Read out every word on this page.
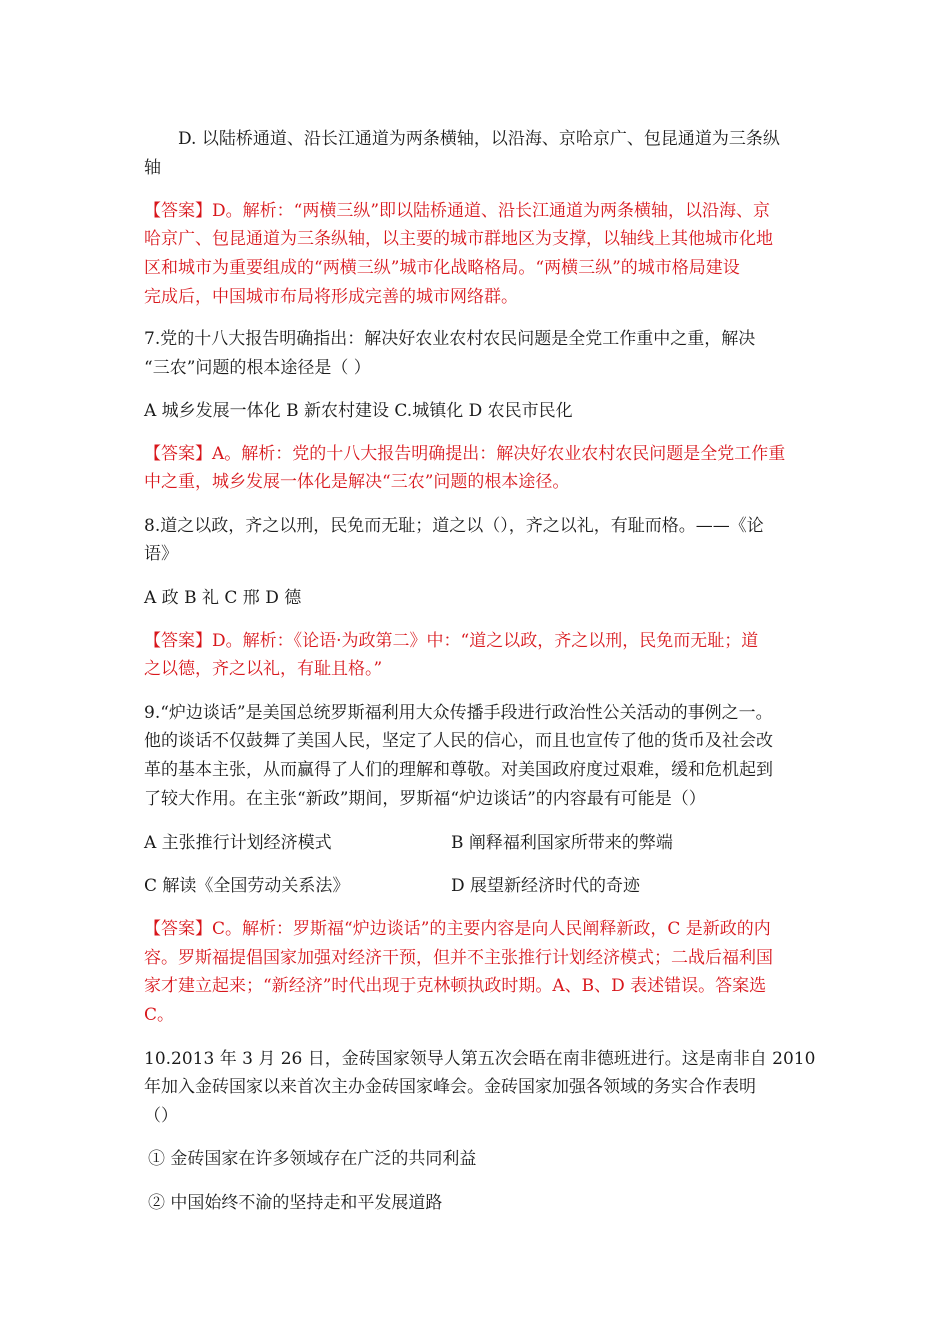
D. 以陆桥通道、沿长江通道为两条横轴，以沿海、京哈京广、包昆通道为三条纵
轴
【答案】D。解析：“两横三纵”即以陆桥通道、沿长江通道为两条横轴，以沿海、京
哈京广、包昆通道为三条纵轴，以主要的城市群地区为支撑，以轴线上其他城市化地
区和城市为重要组成的“两横三纵”城市化战略格局。“两横三纵”的城市格局建设
完成后，中国城市布局将形成完善的城市网络群。
7.党的十八大报告明确指出：解决好农业农村农民问题是全党工作重中之重，解决
“三农”问题的根本途径是（ ）
A 城乡发展一体化 B 新农村建设 C.城镇化 D 农民市民化
【答案】A。解析：党的十八大报告明确提出：解决好农业农村农民问题是全党工作重
中之重，城乡发展一体化是解决“三农”问题的根本途径。
8.道之以政，齐之以刑，民免而无耻；道之以（），齐之以礼，有耻而格。——《论
语》
A 政 B 礼 C 邢 D 德
【答案】D。解析：《论语·为政第二》中：“道之以政，齐之以刑，民免而无耻；道
之以德，齐之以礼，有耻且格。”
9.“炉边谈话”是美国总统罗斯福利用大众传播手段进行政治性公关活动的事例之一。
他的谈话不仅鼓舞了美国人民，坚定了人民的信心，而且也宣传了他的货币及社会改
革的基本主张，从而赢得了人们的理解和尊敬。对美国政府度过艰难，缓和危机起到
了较大作用。在主张“新政”期间，罗斯福“炉边谈话”的内容最有可能是（）
A 主张推行计划经济模式	B 阐释福利国家所带来的弊端
C 解读《全国劳动关系法》	D 展望新经济时代的奇迹
【答案】C。解析：罗斯福“炉边谈话”的主要内容是向人民阐释新政，C 是新政的内
容。罗斯福提倡国家加强对经济干预，但并不主张推行计划经济模式；二战后福利国
家才建立起来；“新经济”时代出现于克林顿执政时期。A、B、D 表述错误。答案选
C。
10.2013 年 3 月 26 日，金砖国家领导人第五次会晤在南非德班进行。这是南非自 2010
年加入金砖国家以来首次主办金砖国家峰会。金砖国家加强各领域的务实合作表明
（）
① 金砖国家在许多领域存在广泛的共同利益
② 中国始终不渝的坚持走和平发展道路
